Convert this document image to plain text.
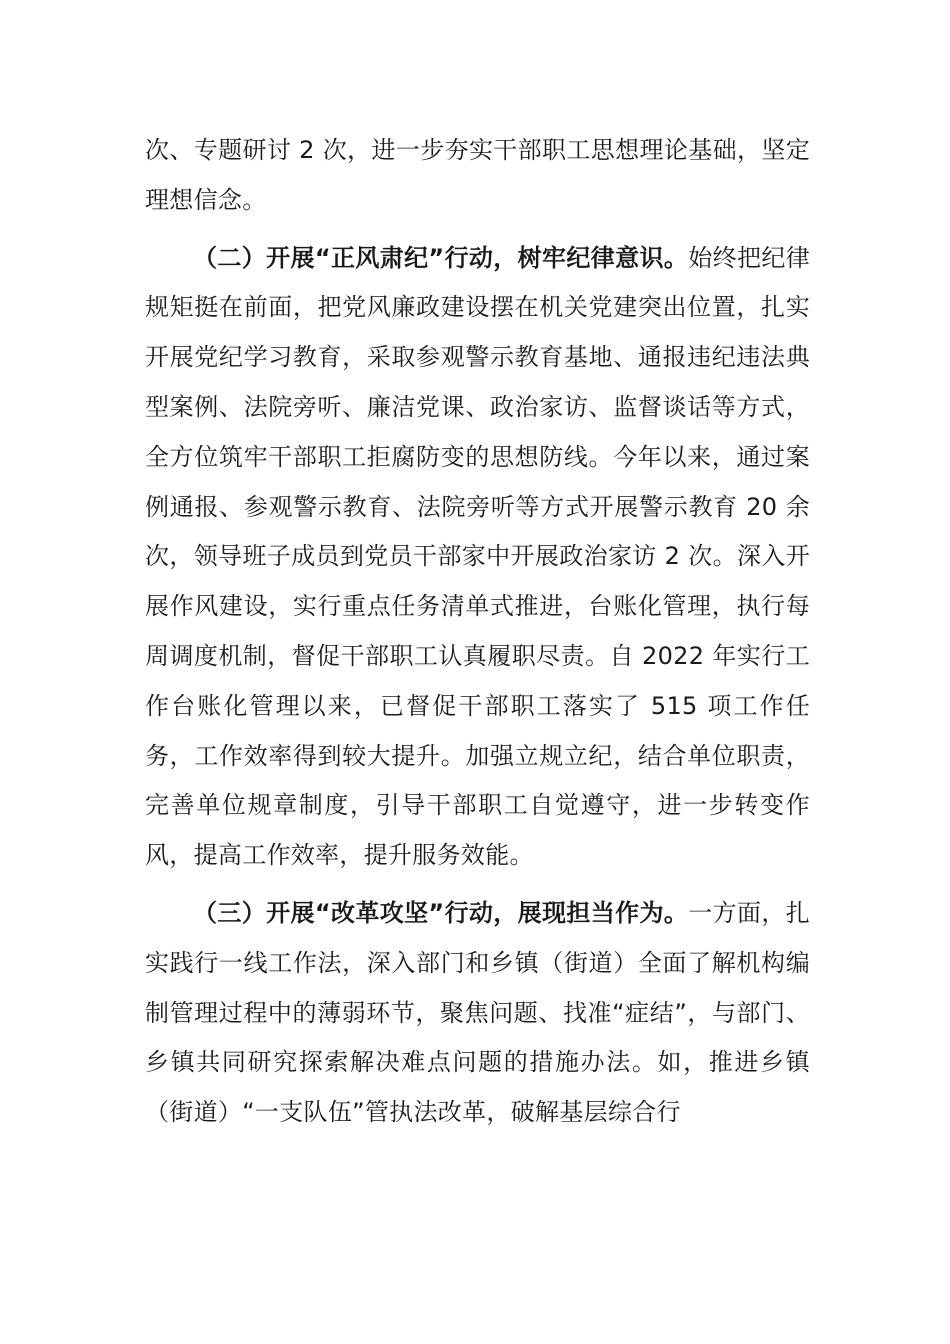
次、专题研讨 2 次，进一步夯实干部职工思想理论基础，坚定理想信念。

（二）开展“正风肃纪”行动，树牢纪律意识。始终把纪律规矩挺在前面，把党风廉政建设摆在机关党建突出位置，扎实开展党纪学习教育，采取参观警示教育基地、通报违纪违法典型案例、法院旁听、廉洁党课、政治家访、监督谈话等方式，全方位筑牢干部职工拒腐防变的思想防线。今年以来，通过案例通报、参观警示教育、法院旁听等方式开展警示教育 20 余次，领导班子成员到党员干部家中开展政治家访 2 次。深入开展作风建设，实行重点任务清单式推进，台账化管理，执行每周调度机制，督促干部职工认真履职尽责。自 2022 年实行工作台账化管理以来，已督促干部职工落实了 515 项工作任务，工作效率得到较大提升。加强立规立纪，结合单位职责，完善单位规章制度，引导干部职工自觉遵守，进一步转变作风，提高工作效率，提升服务效能。

（三）开展“改革攻坚”行动，展现担当作为。一方面，扎实践行一线工作法，深入部门和乡镇（街道）全面了解机构编制管理过程中的薄弱环节，聚焦问题、找准“症结”，与部门、乡镇共同研究探索解决难点问题的措施办法。如，推进乡镇（街道）“一支队伍”管执法改革，破解基层综合行
